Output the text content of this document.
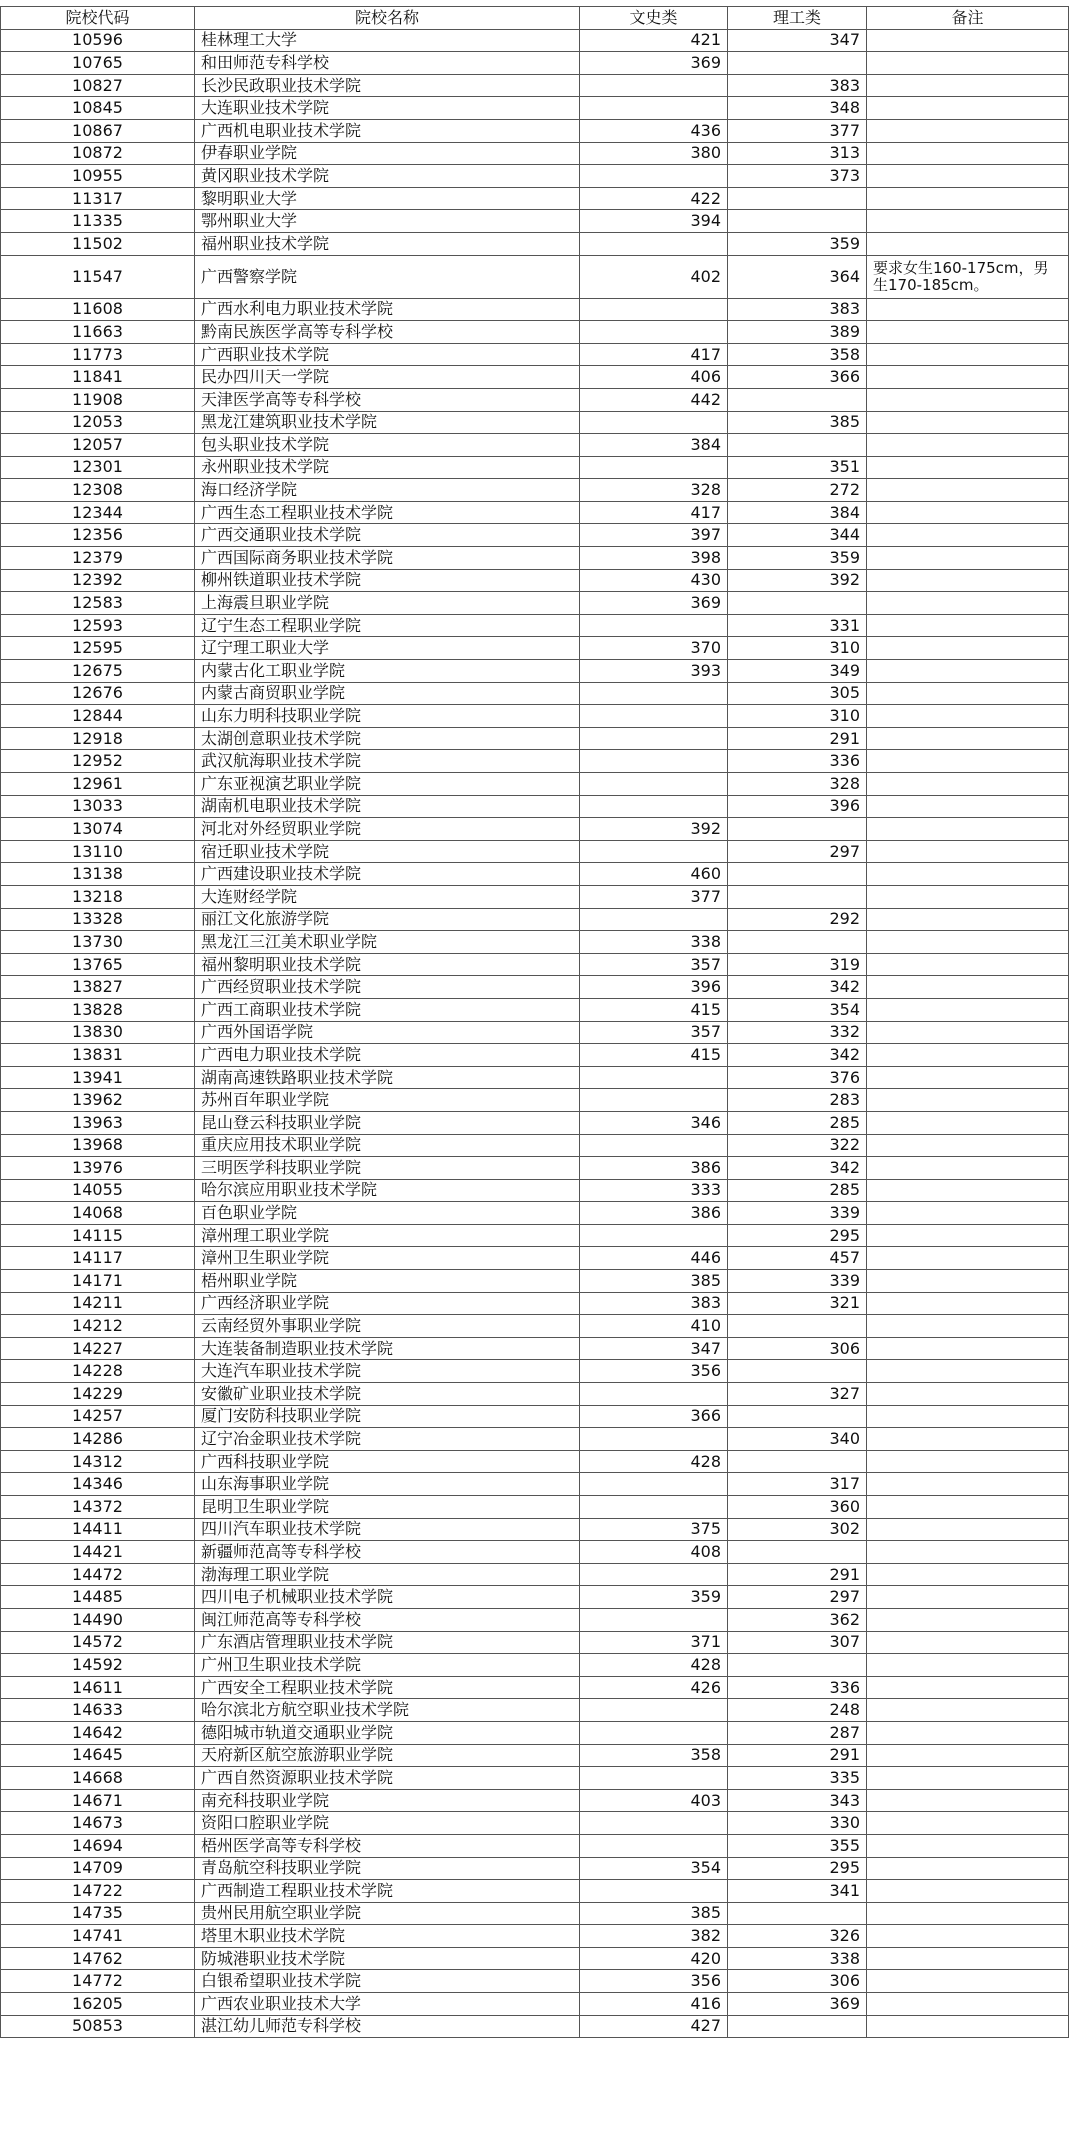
院校代码	院校名称	文史类	理工类	备注
10596	桂林理工大学	421	347	
10765	和田师范专科学校	369		
10827	长沙民政职业技术学院		383	
10845	大连职业技术学院		348	
10867	广西机电职业技术学院	436	377	
10872	伊春职业学院	380	313	
10955	黄冈职业技术学院		373	
11317	黎明职业大学	422		
11335	鄂州职业大学	394		
11502	福州职业技术学院		359	
11547	广西警察学院	402	364	要求女生160-175cm，男生170-185cm。
11608	广西水利电力职业技术学院		383	
11663	黔南民族医学高等专科学校		389	
11773	广西职业技术学院	417	358	
11841	民办四川天一学院	406	366	
11908	天津医学高等专科学校	442		
12053	黑龙江建筑职业技术学院		385	
12057	包头职业技术学院	384		
12301	永州职业技术学院		351	
12308	海口经济学院	328	272	
12344	广西生态工程职业技术学院	417	384	
12356	广西交通职业技术学院	397	344	
12379	广西国际商务职业技术学院	398	359	
12392	柳州铁道职业技术学院	430	392	
12583	上海震旦职业学院	369		
12593	辽宁生态工程职业学院		331	
12595	辽宁理工职业大学	370	310	
12675	内蒙古化工职业学院	393	349	
12676	内蒙古商贸职业学院		305	
12844	山东力明科技职业学院		310	
12918	太湖创意职业技术学院		291	
12952	武汉航海职业技术学院		336	
12961	广东亚视演艺职业学院		328	
13033	湖南机电职业技术学院		396	
13074	河北对外经贸职业学院	392		
13110	宿迁职业技术学院		297	
13138	广西建设职业技术学院	460		
13218	大连财经学院	377		
13328	丽江文化旅游学院		292	
13730	黑龙江三江美术职业学院	338		
13765	福州黎明职业技术学院	357	319	
13827	广西经贸职业技术学院	396	342	
13828	广西工商职业技术学院	415	354	
13830	广西外国语学院	357	332	
13831	广西电力职业技术学院	415	342	
13941	湖南高速铁路职业技术学院		376	
13962	苏州百年职业学院		283	
13963	昆山登云科技职业学院	346	285	
13968	重庆应用技术职业学院		322	
13976	三明医学科技职业学院	386	342	
14055	哈尔滨应用职业技术学院	333	285	
14068	百色职业学院	386	339	
14115	漳州理工职业学院		295	
14117	漳州卫生职业学院	446	457	
14171	梧州职业学院	385	339	
14211	广西经济职业学院	383	321	
14212	云南经贸外事职业学院	410		
14227	大连装备制造职业技术学院	347	306	
14228	大连汽车职业技术学院	356		
14229	安徽矿业职业技术学院		327	
14257	厦门安防科技职业学院	366		
14286	辽宁冶金职业技术学院		340	
14312	广西科技职业学院	428		
14346	山东海事职业学院		317	
14372	昆明卫生职业学院		360	
14411	四川汽车职业技术学院	375	302	
14421	新疆师范高等专科学校	408		
14472	渤海理工职业学院		291	
14485	四川电子机械职业技术学院	359	297	
14490	闽江师范高等专科学校		362	
14572	广东酒店管理职业技术学院	371	307	
14592	广州卫生职业技术学院	428		
14611	广西安全工程职业技术学院	426	336	
14633	哈尔滨北方航空职业技术学院		248	
14642	德阳城市轨道交通职业学院		287	
14645	天府新区航空旅游职业学院	358	291	
14668	广西自然资源职业技术学院		335	
14671	南充科技职业学院	403	343	
14673	资阳口腔职业学院		330	
14694	梧州医学高等专科学校		355	
14709	青岛航空科技职业学院	354	295	
14722	广西制造工程职业技术学院		341	
14735	贵州民用航空职业学院	385		
14741	塔里木职业技术学院	382	326	
14762	防城港职业技术学院	420	338	
14772	白银希望职业技术学院	356	306	
16205	广西农业职业技术大学	416	369	
50853	湛江幼儿师范专科学校	427		
